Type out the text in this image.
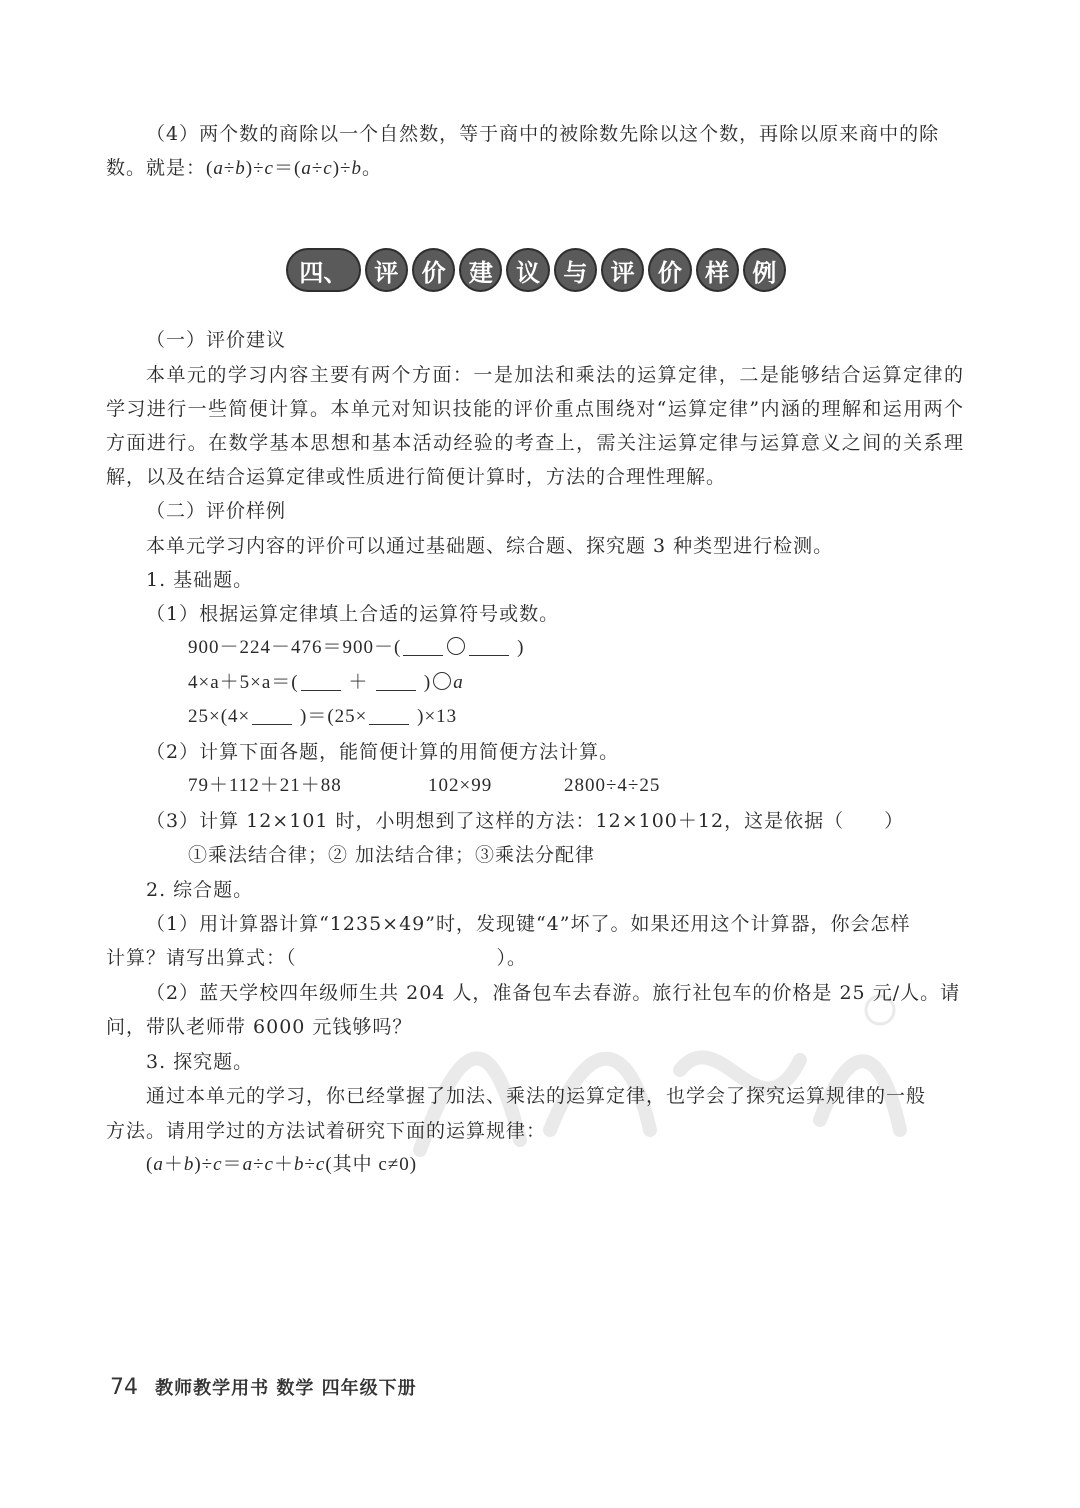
（4）两个数的商除以一个自然数，等于商中的被除数先除以这个数，再除以原来商中的除
数。就是：(a÷b)÷c＝(a÷c)÷b。
四、	评 价 建 议 与 评 价 样 例
（一）评价建议
本单元的学习内容主要有两个方面：一是加法和乘法的运算定律，二是能够结合运算定律的学习进行一些简便计算。本单元对知识技能的评价重点围绕对“运算定律”内涵的理解和运用两个方面进行。在数学基本思想和基本活动经验的考查上，需关注运算定律与运算意义之间的关系理解，以及在结合运算定律或性质进行简便计算时，方法的合理性理解。
（二）评价样例
本单元学习内容的评价可以通过基础题、综合题、探究题 3 种类型进行检测。
1. 基础题。
（1）根据运算定律填上合适的运算符号或数。
900－224－476＝900－(	)
4×a＋5×a＝( ＋  ) a
25×(4× )＝(25× )×13
（2）计算下面各题，能简便计算的用简便方法计算。
79＋112＋21＋88	102×99	2800÷4÷25
（3）计算 12×101 时，小明想到了这样的方法：12×100＋12，这是依据（　　）
①乘法结合律；② 加法结合律；③乘法分配律
2. 综合题。
（1）用计算器计算“1235×49”时，发现键“4”坏了。如果还用这个计算器，你会怎样
计算？请写出算式：（　　　　　　　　　　）。
（2）蓝天学校四年级师生共 204 人，准备包车去春游。旅行社包车的价格是 25 元/人。请
问，带队老师带 6000 元钱够吗？
3. 探究题。
通过本单元的学习，你已经掌握了加法、乘法的运算定律，也学会了探究运算规律的一般
方法。请用学过的方法试着研究下面的运算规律：
(a＋b)÷c＝a÷c＋b÷c(其中 c≠0)
74 教师教学用书 数学 四年级下册
